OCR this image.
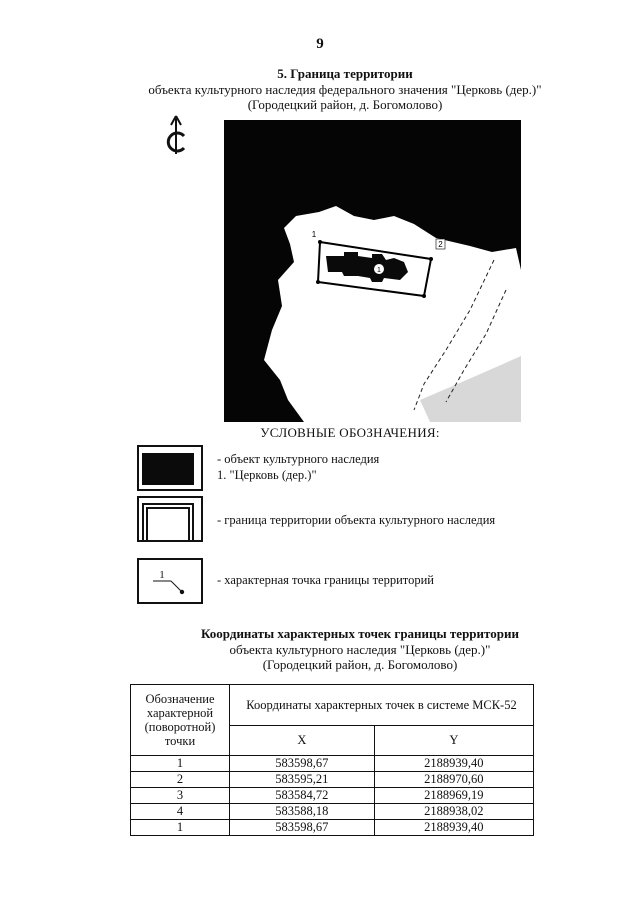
9
5. Граница территории
объекта культурного наследия федерального значения "Церковь (дер.)"
(Городецкий район, д. Богомолово)
1
1
2
УСЛОВНЫЕ ОБОЗНАЧЕНИЯ:
- объект культурного наследия
1. "Церковь (дер.)"
- граница территории объекта культурного наследия
1	- характерная точка границы территорий
Координаты характерных точек границы территории
объекта культурного наследия "Церковь (дер.)"
(Городецкий район, д. Богомолово)
Обозначение характерной (поворотной) точки	Координаты характерных точек в системе МСК-52	
	X	Y
1	583598,67	2188939,40
2	583595,21	2188970,60
3	583584,72	2188969,19
4	583588,18	2188938,02
1	583598,67	2188939,40
